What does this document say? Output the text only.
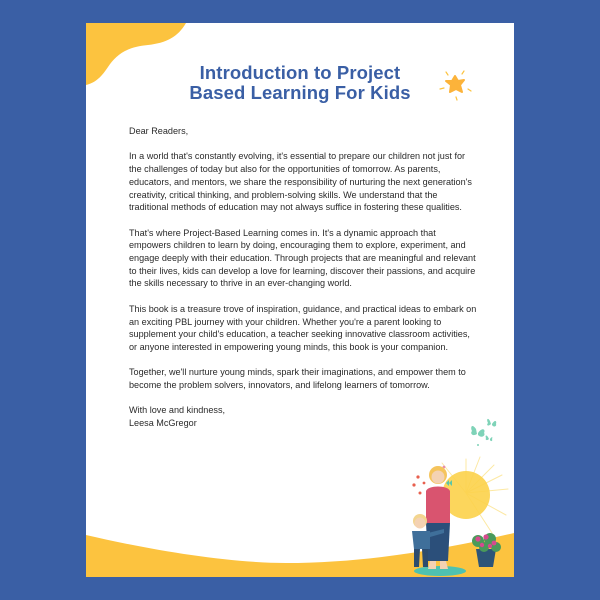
Introduction to Project
Based Learning For Kids

Dear Readers,

In a world that's constantly evolving, it's essential to prepare our children not just for the challenges of today but also for the opportunities of tomorrow. As parents, educators, and mentors, we share the responsibility of nurturing the next generation's creativity, critical thinking, and problem-solving skills. We understand that the traditional methods of education may not always suffice in fostering these qualities.

That's where Project-Based Learning comes in. It's a dynamic approach that empowers children to learn by doing, encouraging them to explore, experiment, and engage deeply with their education. Through projects that are meaningful and relevant to their lives, kids can develop a love for learning, discover their passions, and acquire the skills necessary to thrive in an ever-changing world.

This book is a treasure trove of inspiration, guidance, and practical ideas to embark on an exciting PBL journey with your children. Whether you're a parent looking to supplement your child's education, a teacher seeking innovative classroom activities, or anyone interested in empowering young minds, this book is your companion.

Together, we'll nurture young minds, spark their imaginations, and empower them to become the problem solvers, innovators, and lifelong learners of tomorrow.

With love and kindness,

Leesa McGregor
